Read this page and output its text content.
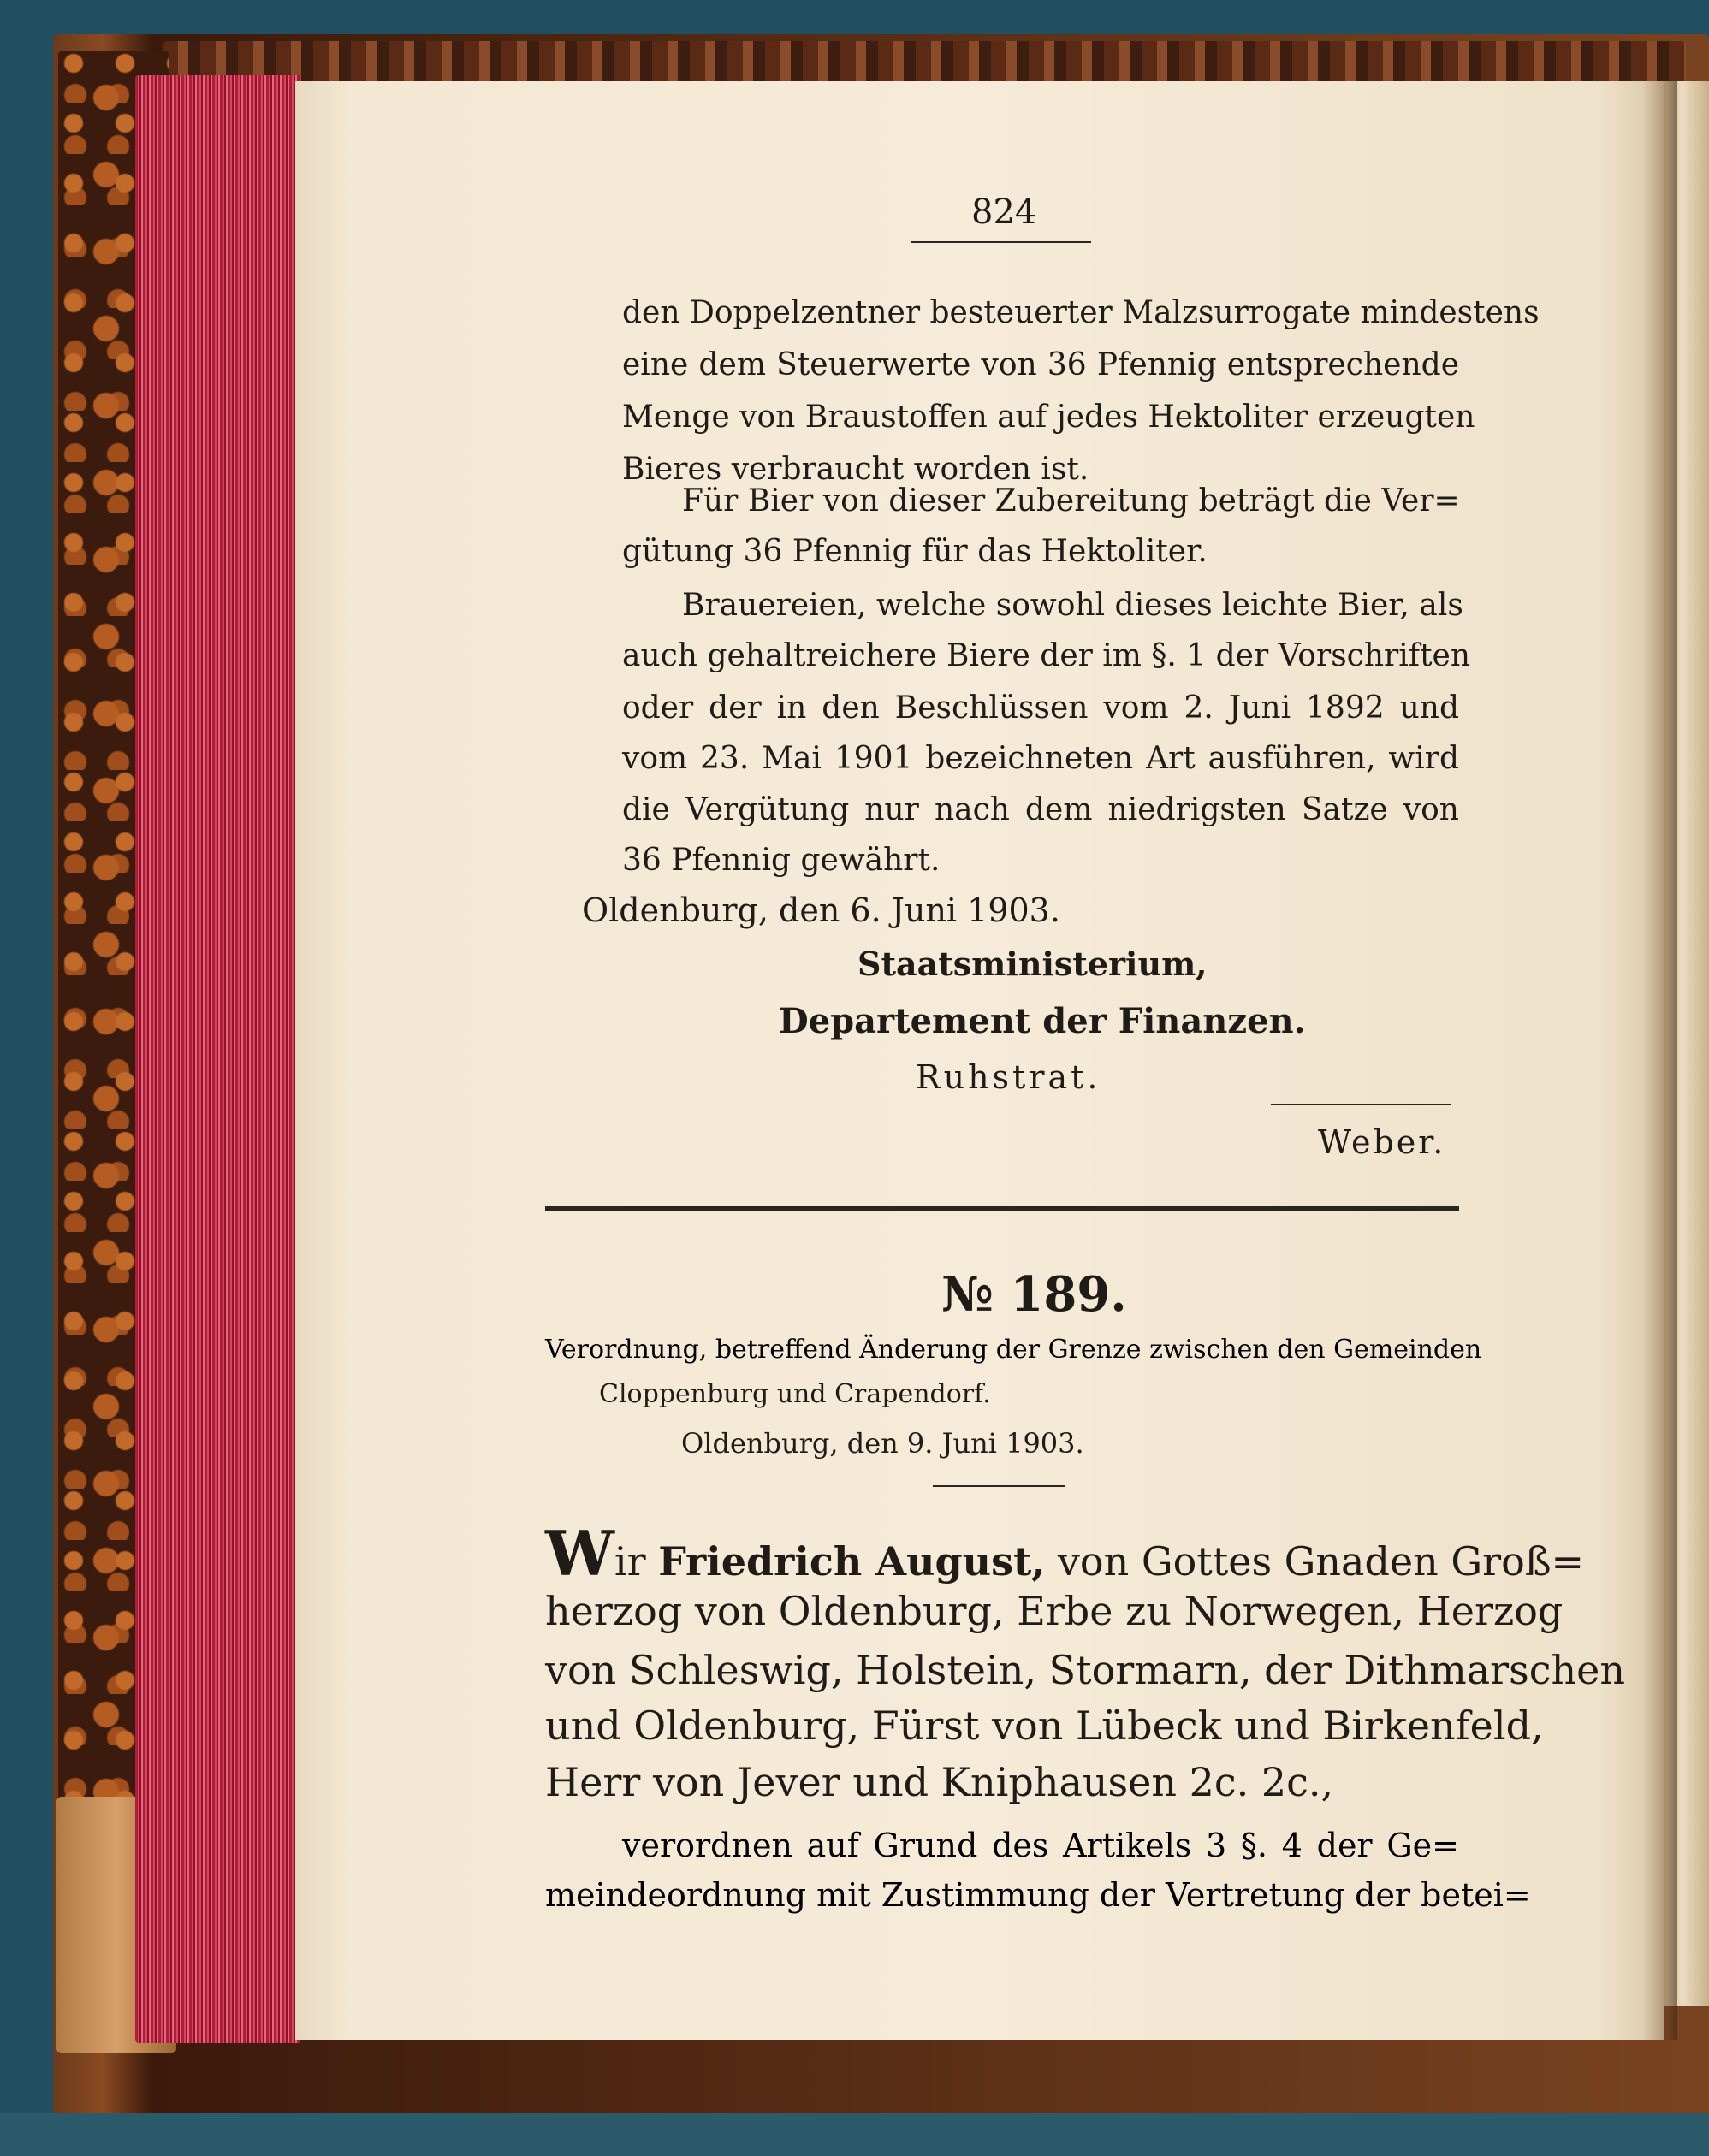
824
den Doppelzentner besteuerter Malzsurrogate mindestens
eine dem Steuerwerte von 36 Pfennig entsprechende
Menge von Braustoffen auf jedes Hektoliter erzeugten
Bieres verbraucht worden ist.
Für Bier von dieser Zubereitung beträgt die Ver=
gütung 36 Pfennig für das Hektoliter.
Brauereien, welche sowohl dieses leichte Bier, als
auch gehaltreichere Biere der im §. 1 der Vorschriften
oder der in den Beschlüssen vom 2. Juni 1892 und
vom 23. Mai 1901 bezeichneten Art ausführen, wird
die Vergütung nur nach dem niedrigsten Satze von
36 Pfennig gewährt.
Oldenburg, den 6. Juni 1903.
Staatsministerium,
Departement der Finanzen.
Ruhstrat.
Weber.
№ 189.
Verordnung, betreffend Änderung der Grenze zwischen den Gemeinden
Cloppenburg und Crapendorf.
Oldenburg, den 9. Juni 1903.
Wir Friedrich August, von Gottes Gnaden Groß=
herzog von Oldenburg, Erbe zu Norwegen, Herzog
von Schleswig, Holstein, Stormarn, der Dithmarschen
und Oldenburg, Fürst von Lübeck und Birkenfeld,
Herr von Jever und Kniphausen 2c. 2c.,
verordnen auf Grund des Artikels 3 §. 4 der Ge=
meindeordnung mit Zustimmung der Vertretung der betei=
